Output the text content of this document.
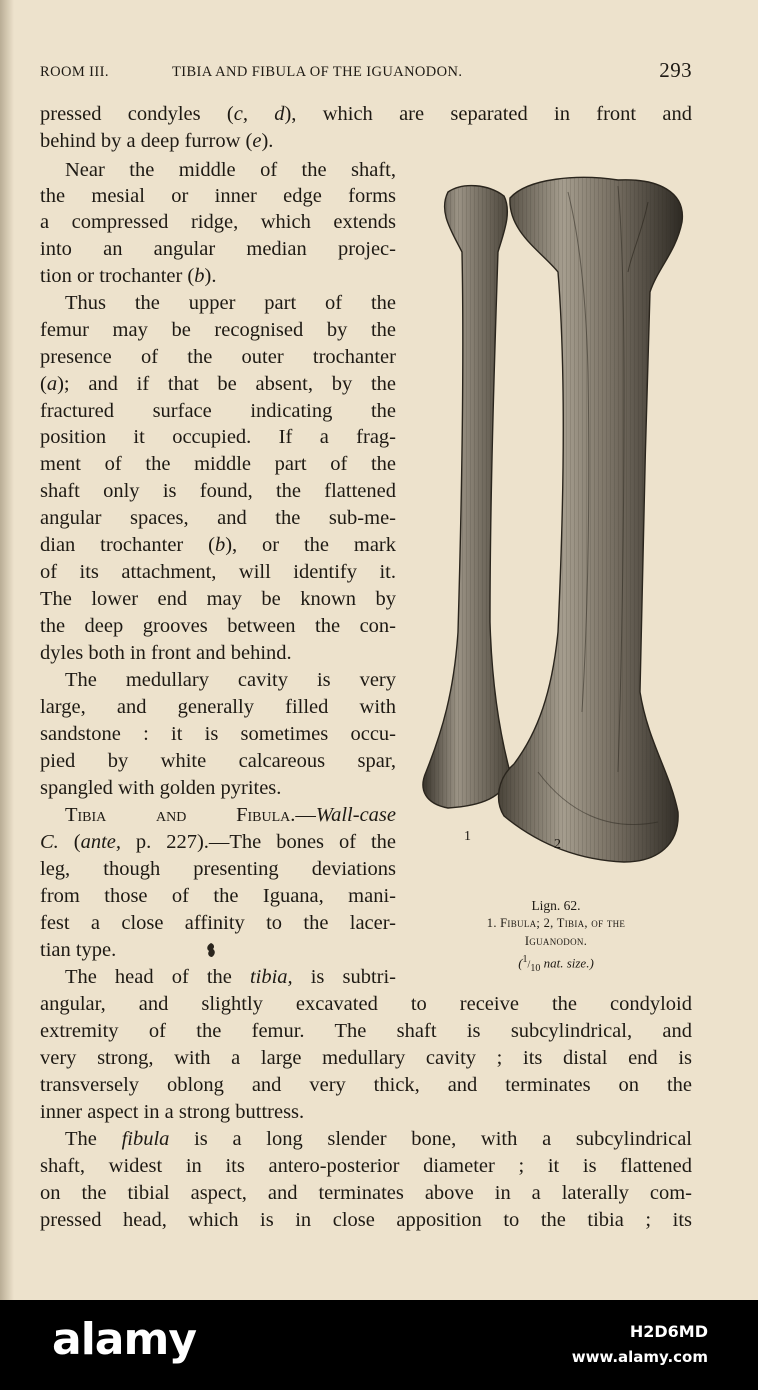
ROOM III.	TIBIA AND FIBULA OF THE IGUANODON.	293
pressed condyles (c, d), which are separated in front and
behind by a deep furrow (e).
Near the middle of the shaft,
the mesial or inner edge forms
a compressed ridge, which extends
into an angular median projec-
tion or trochanter (b).
Thus the upper part of the
femur may be recognised by the
presence of the outer trochanter
(a); and if that be absent, by the
fractured surface indicating the
position it occupied. If a frag-
ment of the middle part of the
shaft only is found, the flattened
angular spaces, and the sub-me-
dian trochanter (b), or the mark
of its attachment, will identify it.
The lower end may be known by
the deep grooves between the con-
dyles both in front and behind.
The medullary cavity is very
large, and generally filled with
sandstone : it is sometimes occu-
pied by white calcareous spar,
spangled with golden pyrites.
Tibia and Fibula.—Wall-case
C. (ante, p. 227).—The bones of the
leg, though presenting deviations
from those of the Iguana, mani-
fest a close affinity to the lacer-
tian type.
The head of the tibia, is subtri-
angular, and slightly excavated to receive the condyloid
extremity of the femur. The shaft is subcylindrical, and
very strong, with a large medullary cavity ; its distal end is
transversely oblong and very thick, and terminates on the
inner aspect in a strong buttress.
The fibula is a long slender bone, with a subcylindrical
shaft, widest in its antero-posterior diameter ; it is flattened
on the tibial aspect, and terminates above in a laterally com-
pressed head, which is in close apposition to the tibia ; its
1
2
Lign. 62.
1. Fibula; 2, Tibia, of the
Iguanodon.
($^1/_{10}$ nat. size.)
alamy	H2D6MD
www.alamy.com
